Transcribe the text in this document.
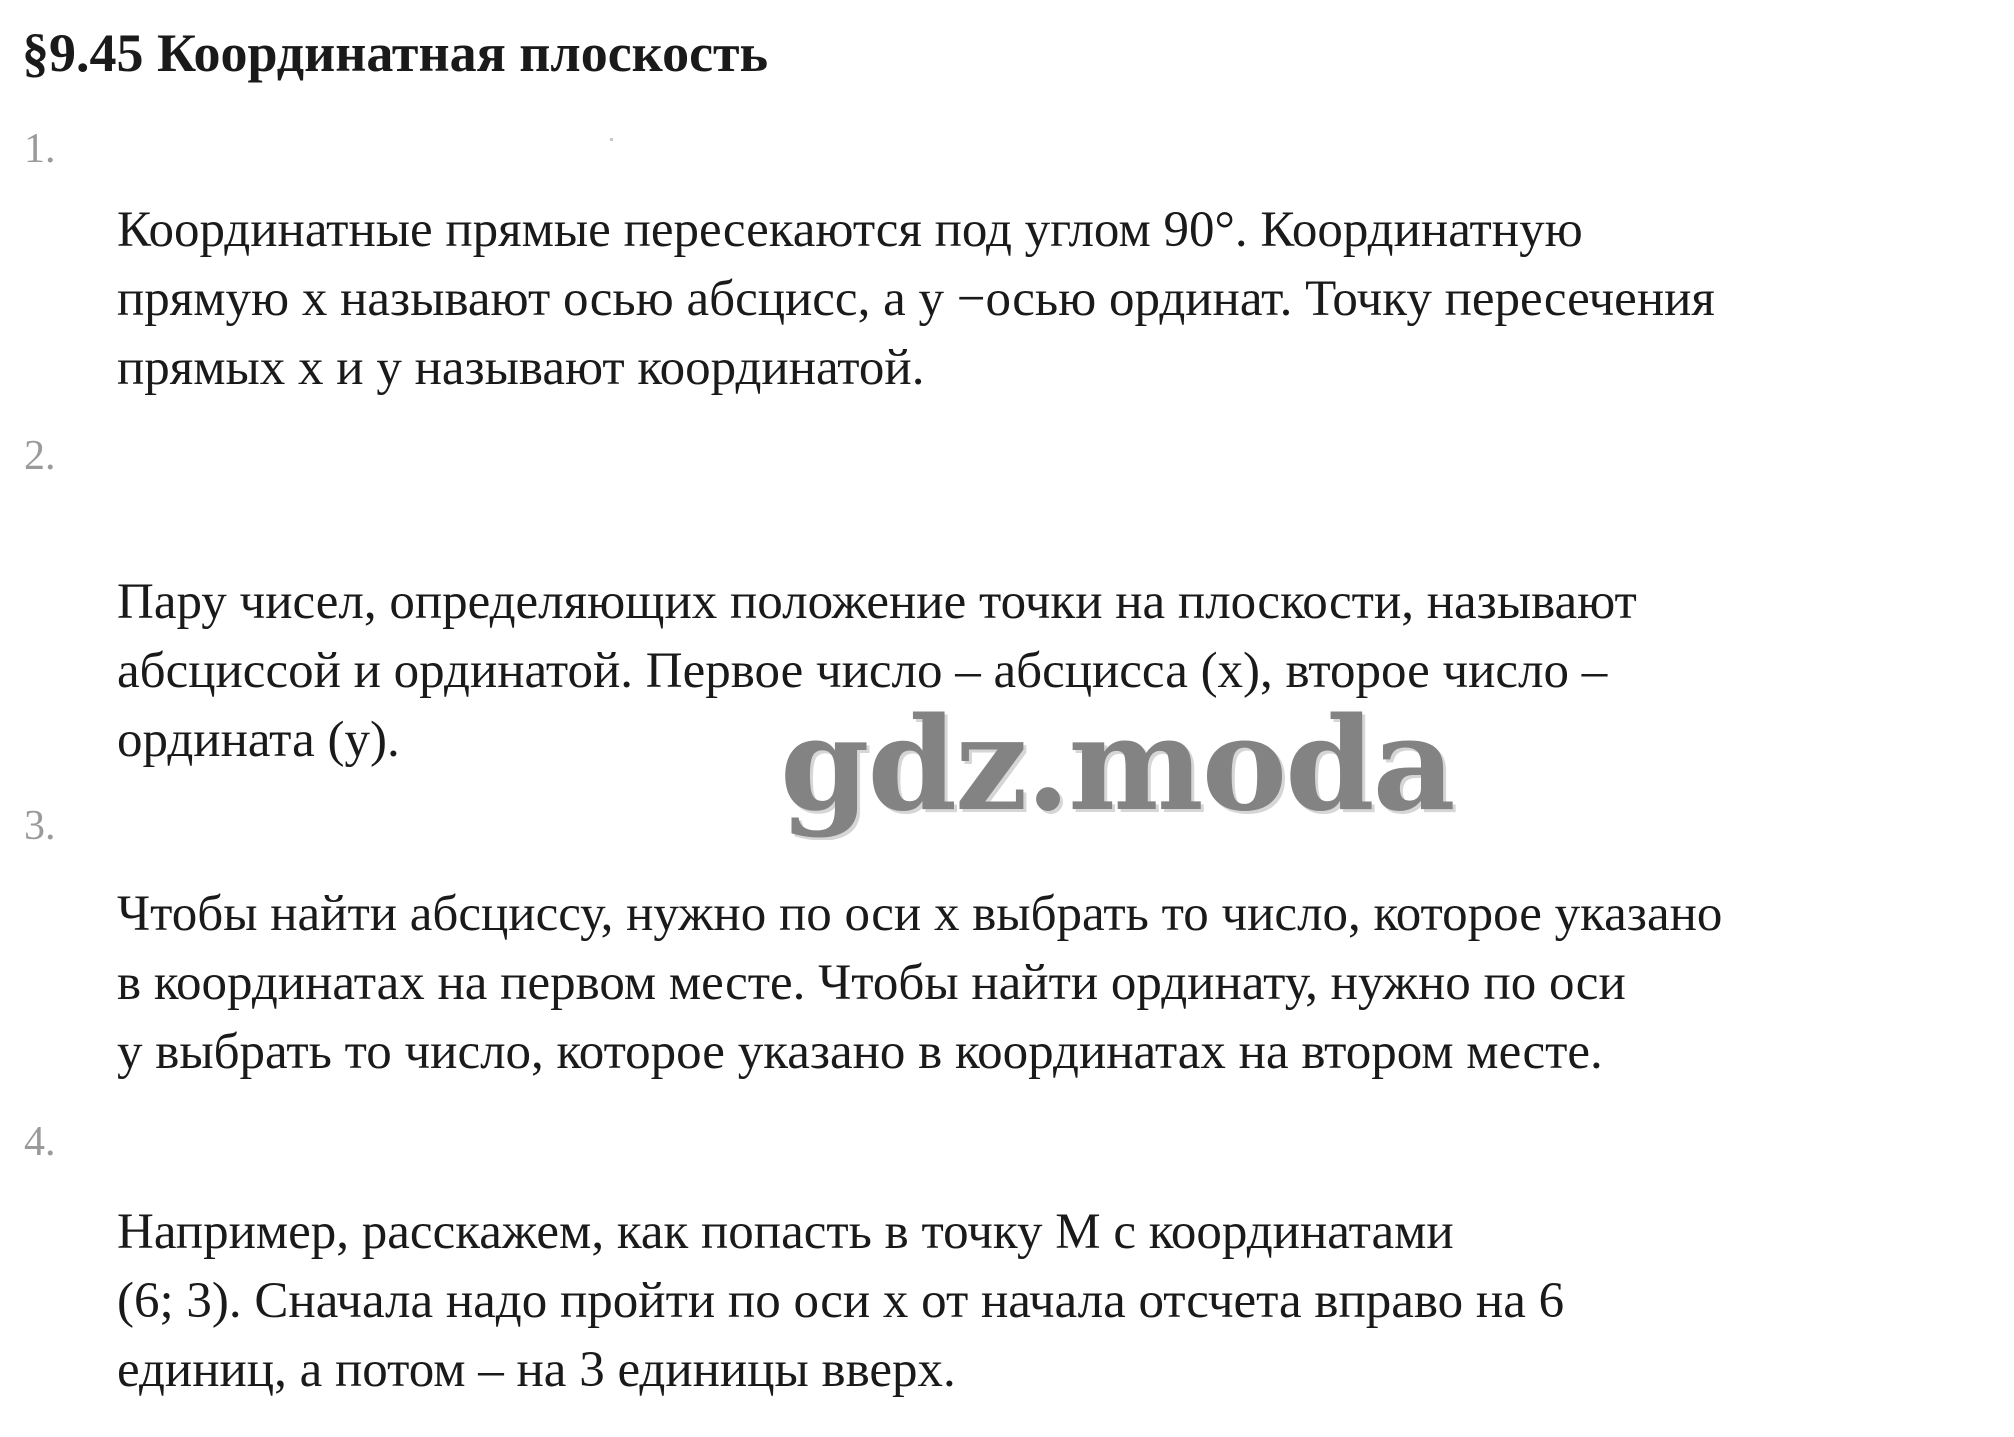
§9.45 Координатная плоскость
1.
Координатные прямые пересекаются под углом 90°. Координатную
прямую x называют осью абсцисс, а y −осью ординат. Точку пересечения
прямых x и y называют координатой.
2.
Пару чисел, определяющих положение точки на плоскости, называют
абсциссой и ординатой. Первое число – абсцисса (x), второе число –
ордината (y).
3.
Чтобы найти абсциссу, нужно по оси x выбрать то число, которое указано
в координатах на первом месте. Чтобы найти ординату, нужно по оси
y выбрать то число, которое указано в координатах на втором месте.
4.
Например, расскажем, как попасть в точку M с координатами
(6; 3). Сначала надо пройти по оси x от начала отсчета вправо на 6
единиц, а потом – на 3 единицы вверх.
gdz.moda
